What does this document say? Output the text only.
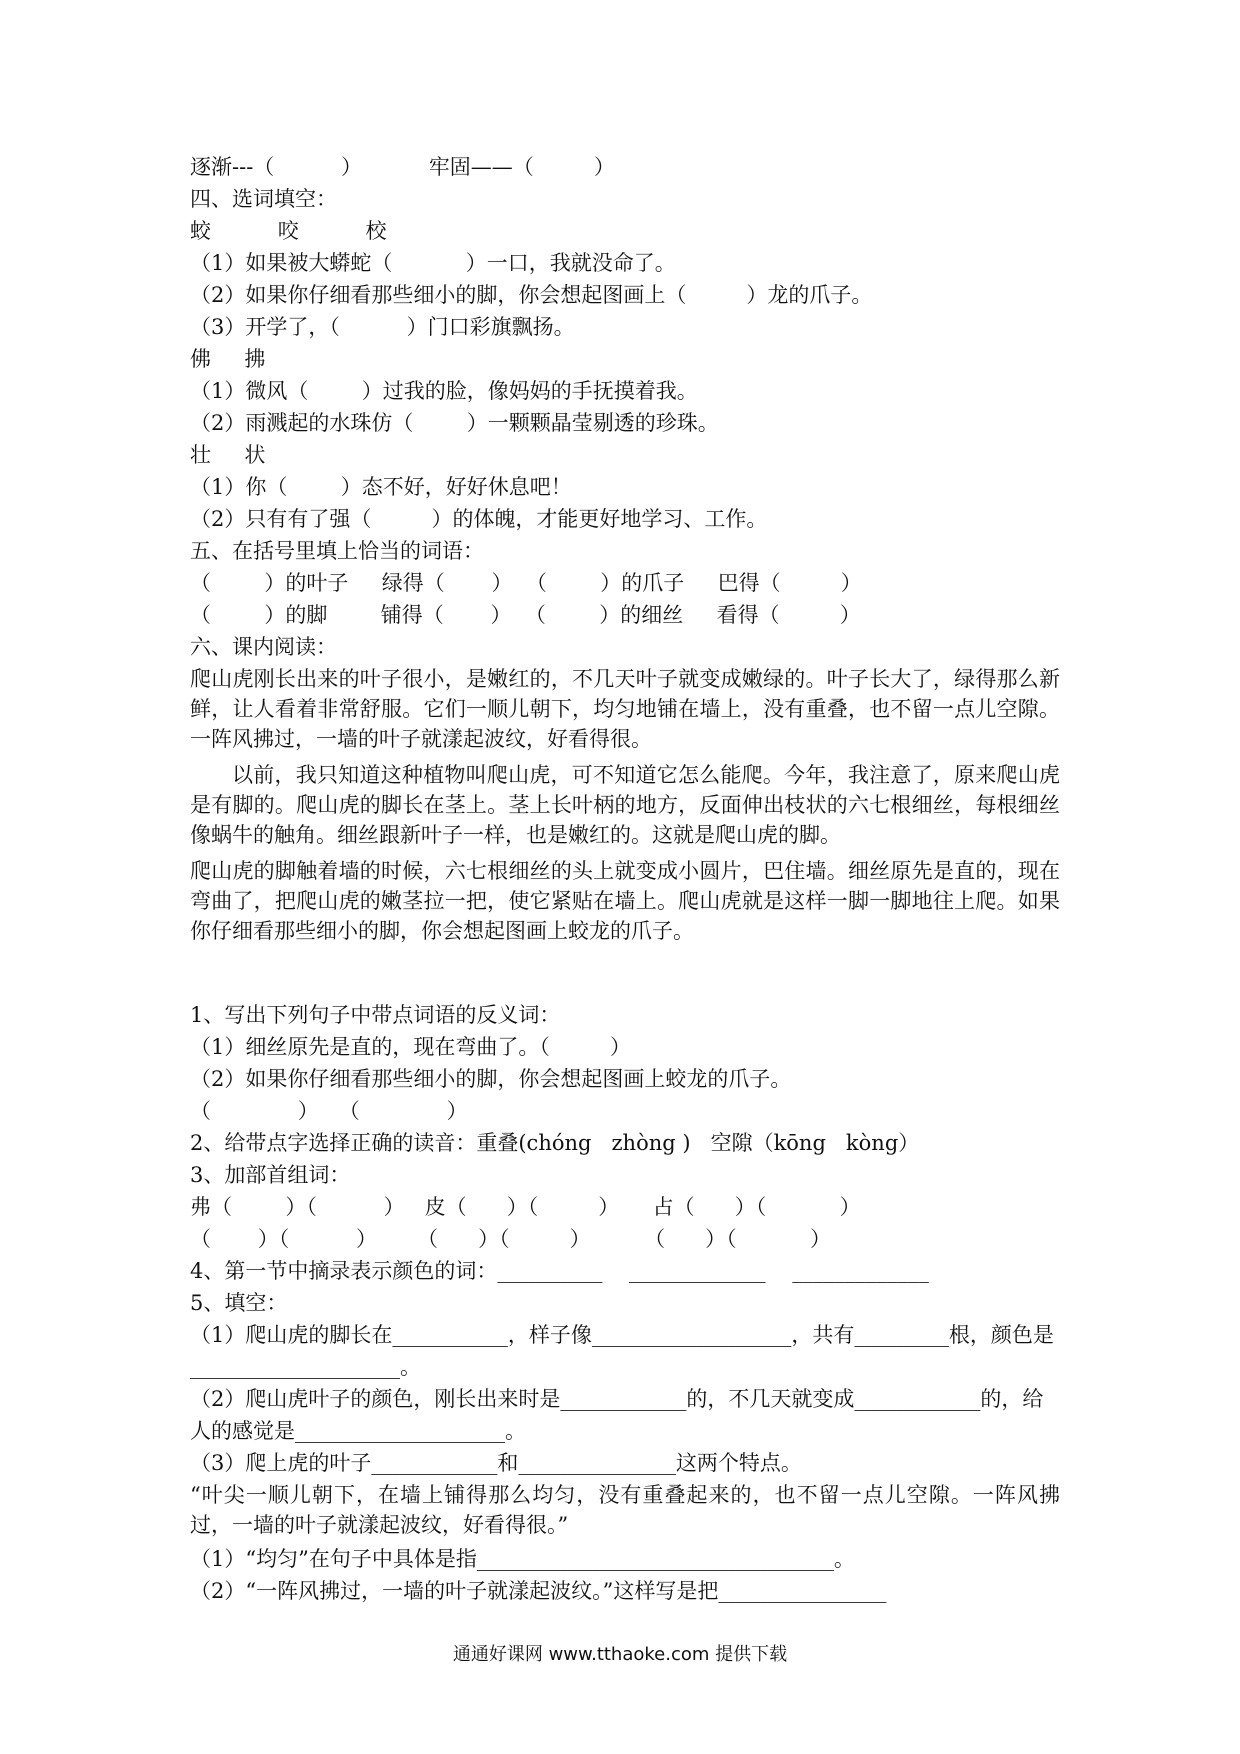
逐渐---（          ）          牢固——（         ）
四、选词填空：
蛟          咬          校
（1）如果被大蟒蛇（           ）一口，我就没命了。
（2）如果你仔细看那些细小的脚，你会想起图画上（         ）龙的爪子。
（3）开学了，（          ）门口彩旗飘扬。
佛     拂
（1）微风（        ）过我的脸，像妈妈的手抚摸着我。
（2）雨溅起的水珠仿（        ）一颗颗晶莹剔透的珍珠。
壮     状
（1）你（        ）态不好，好好休息吧！
（2）只有有了强（         ）的体魄，才能更好地学习、工作。
五、在括号里填上恰当的词语：
（        ）的叶子     绿得（       ）  （        ）的爪子     巴得（         ）
（        ）的脚        铺得（       ）  （        ）的细丝     看得（         ）
六、课内阅读：
1、写出下列句子中带点词语的反义词：
（1）细丝原先是直的，现在弯曲了。（         ）
（2）如果你仔细看那些细小的脚，你会想起图画上蛟龙的爪子。
（             ）   （             ）
2、给带点字选择正确的读音：重叠(chóng   zhòng )   空隙（kōng   kòng）
3、加部首组词：
弗（        ）（          ）   皮（      ）（         ）     占（      ）（           ）
（       ）（          ）      （      ）（         ）        （      ）（           ）
4、第一节中摘录表示颜色的词：__________    _____________    _____________
5、填空：
（1）爬山虎的脚长在___________，样子像___________________，共有_________根，颜色是
____________________。
（2）爬山虎叶子的颜色，刚长出来时是____________的，不几天就变成____________的，给
人的感觉是____________________。
（3）爬上虎的叶子____________和_______________这两个特点。
（1）“均匀”在句子中具体是指__________________________________。
（2）“一阵风拂过，一墙的叶子就漾起波纹。”这样写是把________________
爬山虎刚长出来的叶子很小，是嫩红的，不几天叶子就变成嫩绿的。叶子长大了，绿得那么新鲜，让人看着非常舒服。它们一顺儿朝下，均匀地铺在墙上，没有重叠，也不留一点儿空隙。一阵风拂过，一墙的叶子就漾起波纹，好看得很。
以前，我只知道这种植物叫爬山虎，可不知道它怎么能爬。今年，我注意了，原来爬山虎是有脚的。爬山虎的脚长在茎上。茎上长叶柄的地方，反面伸出枝状的六七根细丝，每根细丝像蜗牛的触角。细丝跟新叶子一样，也是嫩红的。这就是爬山虎的脚。
爬山虎的脚触着墙的时候，六七根细丝的头上就变成小圆片，巴住墙。细丝原先是直的，现在弯曲了，把爬山虎的嫩茎拉一把，使它紧贴在墙上。爬山虎就是这样一脚一脚地往上爬。如果你仔细看那些细小的脚，你会想起图画上蛟龙的爪子。
“叶尖一顺儿朝下，在墙上铺得那么均匀，没有重叠起来的，也不留一点儿空隙。一阵风拂过，一墙的叶子就漾起波纹，好看得很。”
通通好课网 www.tthaoke.com 提供下载
